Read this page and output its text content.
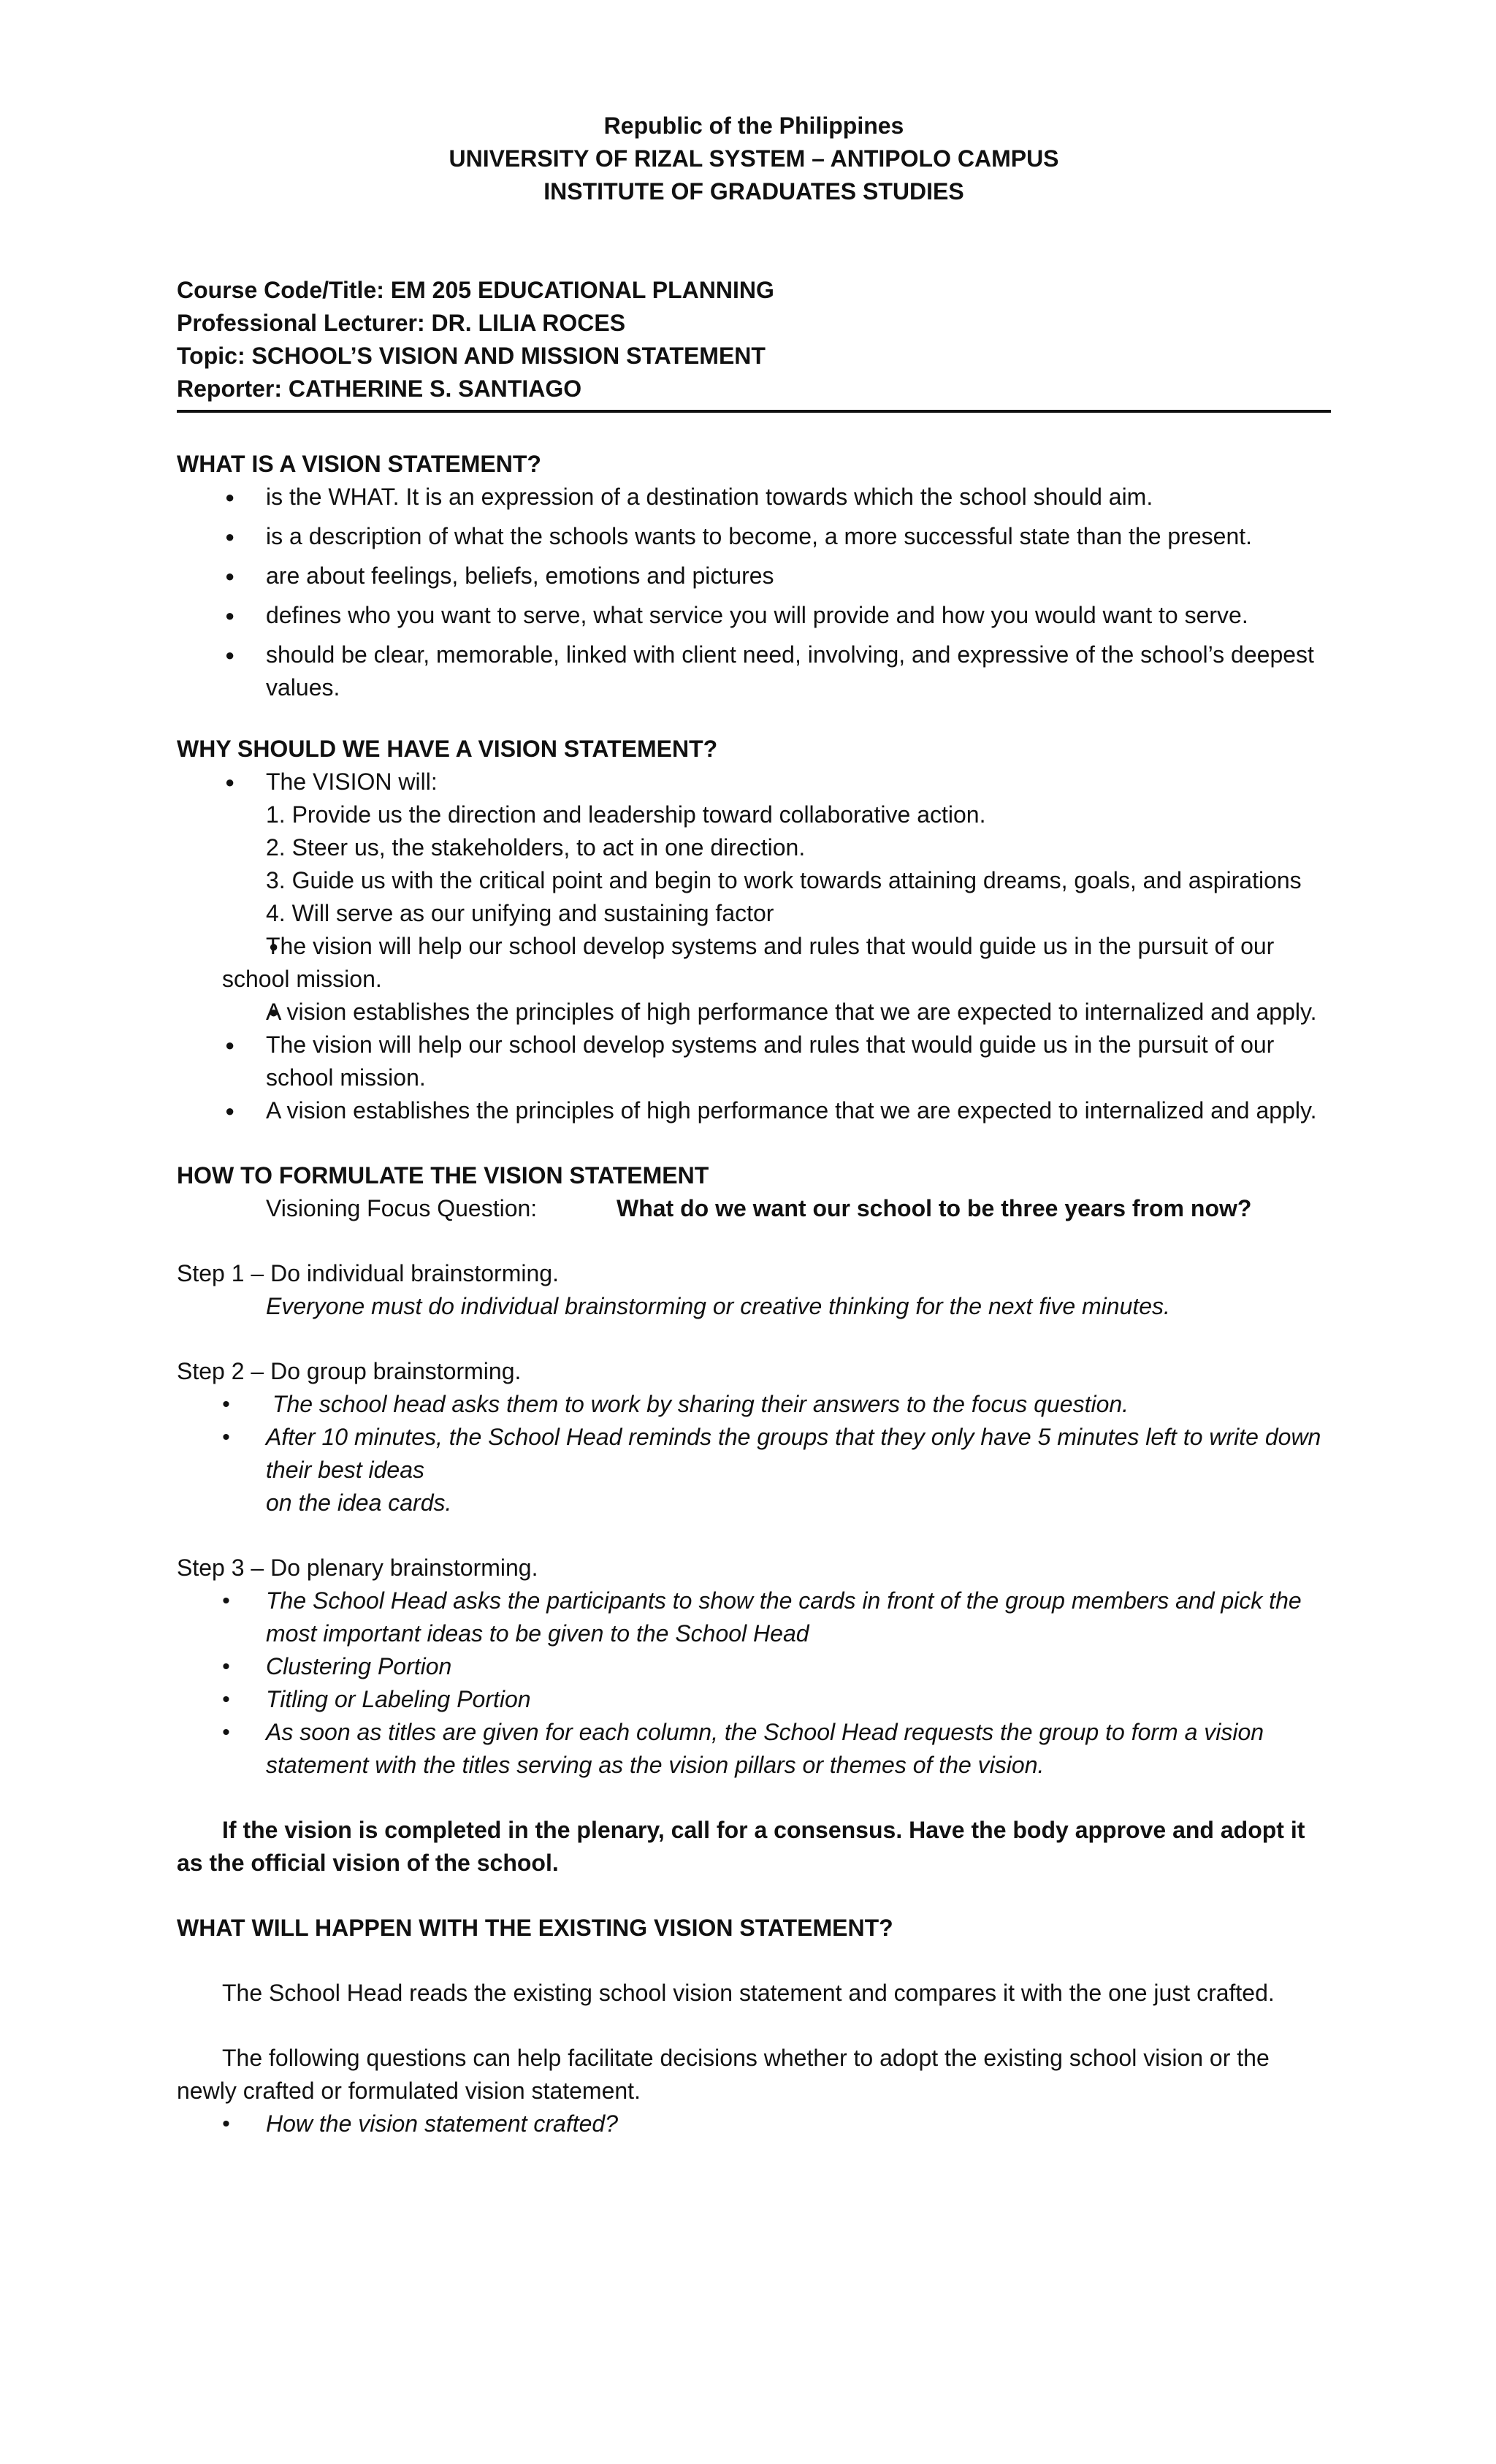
Republic of the Philippines
UNIVERSITY OF RIZAL SYSTEM – ANTIPOLO CAMPUS
INSTITUTE OF GRADUATES STUDIES
Course Code/Title: EM 205 EDUCATIONAL PLANNING
Professional Lecturer: DR. LILIA ROCES
Topic: SCHOOL’S VISION AND MISSION STATEMENT
Reporter: CATHERINE S. SANTIAGO
WHAT IS A VISION STATEMENT?
● is the WHAT. It is an expression of a destination towards which the school should aim.
● is a description of what the schools wants to become, a more successful state than the present.
● are about feelings, beliefs, emotions and pictures
● defines who you want to serve, what service you will provide and how you would want to serve.
● should be clear, memorable, linked with client need, involving, and expressive of the school’s deepest values.
WHY SHOULD WE HAVE A VISION STATEMENT?
● The VISION will:
1. Provide us the direction and leadership toward collaborative action.
2. Steer us, the stakeholders, to act in one direction.
3. Guide us with the critical point and begin to work towards attaining dreams, goals, and aspirations
4. Will serve as our unifying and sustaining factor
● The vision will help our school develop systems and rules that would guide us in the pursuit of our school mission.
● A vision establishes the principles of high performance that we are expected to internalized and apply.
● The vision will help our school develop systems and rules that would guide us in the pursuit of our school mission.
● A vision establishes the principles of high performance that we are expected to internalized and apply.
HOW TO FORMULATE THE VISION STATEMENT
Visioning Focus Question:	What do we want our school to be three years from now?
Step 1 – Do individual brainstorming.
Everyone must do individual brainstorming or creative thinking for the next five minutes.
Step 2 – Do group brainstorming.
•  The school head asks them to work by sharing their answers to the focus question.
• After 10 minutes, the School Head reminds the groups that they only have 5 minutes left to write down their best ideas
on the idea cards.
Step 3 – Do plenary brainstorming.
• The School Head asks the participants to show the cards in front of the group members and pick the most important ideas to be given to the School Head
• Clustering Portion
• Titling or Labeling Portion
• As soon as titles are given for each column, the School Head requests the group to form a vision statement with the titles serving as the vision pillars or themes of the vision.
If the vision is completed in the plenary, call for a consensus. Have the body approve and adopt it as the official vision of the school.
WHAT WILL HAPPEN WITH THE EXISTING VISION STATEMENT?
The School Head reads the existing school vision statement and compares it with the one just crafted.
The following questions can help facilitate decisions whether to adopt the existing school vision or the newly crafted or formulated vision statement.
• How the vision statement crafted?
